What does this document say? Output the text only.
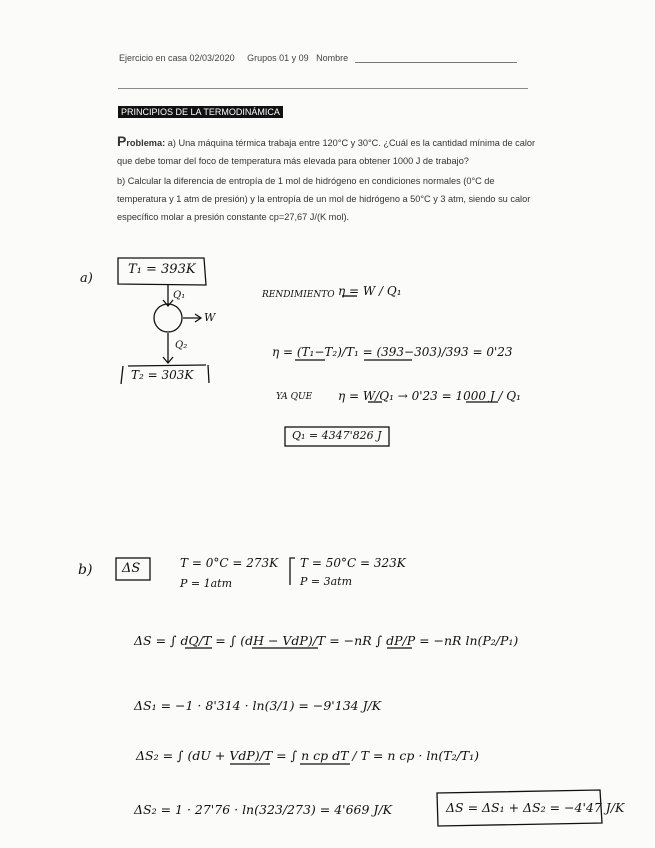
Ejercicio en casa 02/03/2020 Grupos 01 y 09 Nombre
PRINCIPIOS DE LA TERMODINÁMICA
Problema: a) Una máquina térmica trabaja entre 120°C y 30°C. ¿Cuál es la cantidad mínima de calor que debe tomar del foco de temperatura más elevada para obtener 1000 J de trabajo?
b) Calcular la diferencia de entropía de 1 mol de hidrógeno en condiciones normales (0°C de temperatura y 1 atm de presión) y la entropía de un mol de hidrógeno a 50°C y 3 atm, siendo su calor específico molar a presión constante cp=27,67 J/(K mol).
a)
T₁ = 393K
Q₁
W
Q₂
T₂ = 303K
RENDIMIENTO η = W / Q₁
η = (T₁−T₂)/T₁ = (393−303)/393 = 0'23
YA QUE η = W/Q₁ → 0'23 = 1000 J / Q₁
Q₁ = 4347'826 J
b) ΔS	T = 0°C = 273K
P = 1atm
T = 50°C = 323K
P = 3atm
ΔS = ∫ dQ/T = ∫ (dH − VdP)/T = −nR ∫ dP/P = −nR ln(P₂/P₁)
ΔS₁ = −1 · 8'314 · ln(3/1) = −9'134 J/K
ΔS₂ = ∫ (dU + VdP)/T = ∫ n cp dT / T = n cp · ln(T₂/T₁)
ΔS₂ = 1 · 27'76 · ln(323/273) = 4'669 J/K	ΔS = ΔS₁ + ΔS₂ = −4'47 J/K
